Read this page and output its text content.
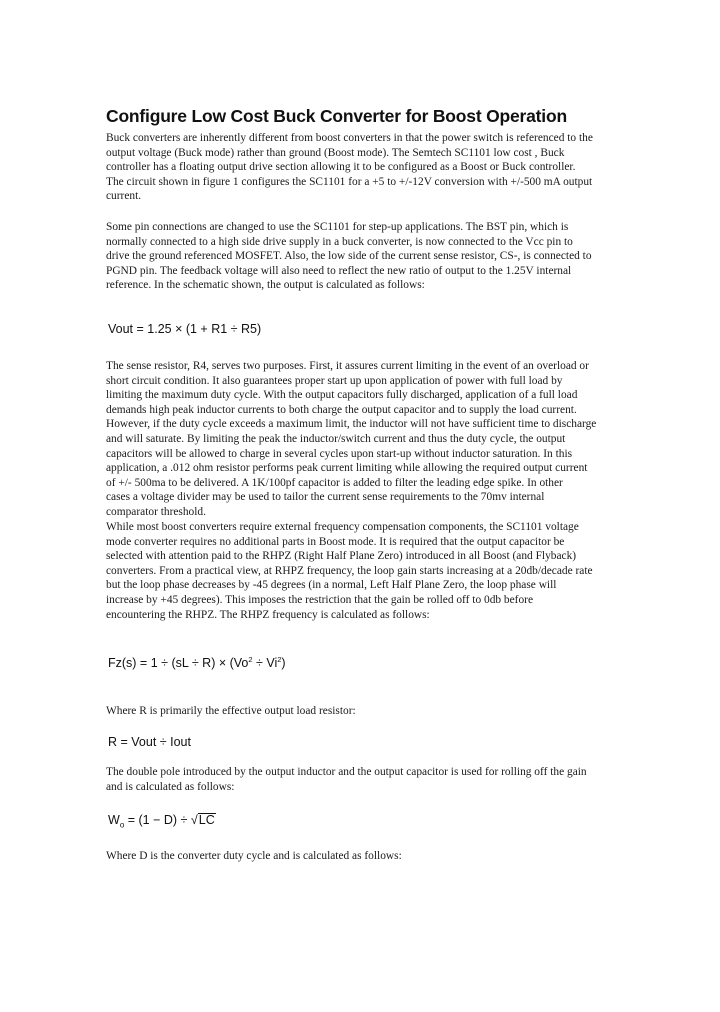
Configure Low Cost Buck Converter for Boost Operation
Buck converters are inherently different from boost converters in that the power switch is referenced to the
output voltage (Buck mode) rather than ground (Boost mode). The Semtech SC1101 low cost , Buck
controller has a floating output drive section allowing it to be configured as a Boost or Buck controller.
The circuit shown in figure 1 configures the SC1101 for a +5 to +/-12V conversion with +/-500 mA output
current.
Some pin connections are changed to use the SC1101 for step-up applications. The BST pin, which is
normally connected to a high side drive supply in a buck converter, is now connected to the Vcc pin to
drive the ground referenced MOSFET. Also, the low side of the current sense resistor, CS-, is connected to
PGND pin. The feedback voltage will also need to reflect the new ratio of output to the 1.25V internal
reference. In the schematic shown, the output is calculated as follows:
Vout = 1.25 × (1 + R1 ÷ R5)
The sense resistor, R4, serves two purposes. First, it assures current limiting in the event of an overload or
short circuit condition. It also guarantees proper start up upon application of power with full load by
limiting the maximum duty cycle. With the output capacitors fully discharged, application of a full load
demands high peak inductor currents to both charge the output capacitor and to supply the load current.
However, if the duty cycle exceeds a maximum limit, the inductor will not have sufficient time to discharge
and will saturate. By limiting the peak the inductor/switch current and thus the duty cycle, the output
capacitors will be allowed to charge in several cycles upon start-up without inductor saturation. In this
application, a .012 ohm resistor performs peak current limiting while allowing the required output current
of +/- 500ma to be delivered. A 1K/100pf capacitor is added to filter the leading edge spike. In other
cases a voltage divider may be used to tailor the current sense requirements to the 70mv internal
comparator threshold.
While most boost converters require external frequency compensation components, the SC1101 voltage
mode converter requires no additional parts in Boost mode. It is required that the output capacitor be
selected with attention paid to the RHPZ (Right Half Plane Zero) introduced in all Boost (and Flyback)
converters. From a practical view, at RHPZ frequency, the loop gain starts increasing at a 20db/decade rate
but the loop phase decreases by -45 degrees (in a normal, Left Half Plane Zero, the loop phase will
increase by +45 degrees). This imposes the restriction that the gain be rolled off to 0db before
encountering the RHPZ. The RHPZ frequency is calculated as follows:
$Fz(s) = 1 \div (sL \div R) \times (Vo^2 \div Vi^2)$
Where R is primarily the effective output load resistor:
R = Vout ÷ Iout
The double pole introduced by the output inductor and the output capacitor is used for rolling off the gain
and is calculated as follows:
$W_o = (1 - D) \div √LC$
Where D is the converter duty cycle and is calculated as follows:
